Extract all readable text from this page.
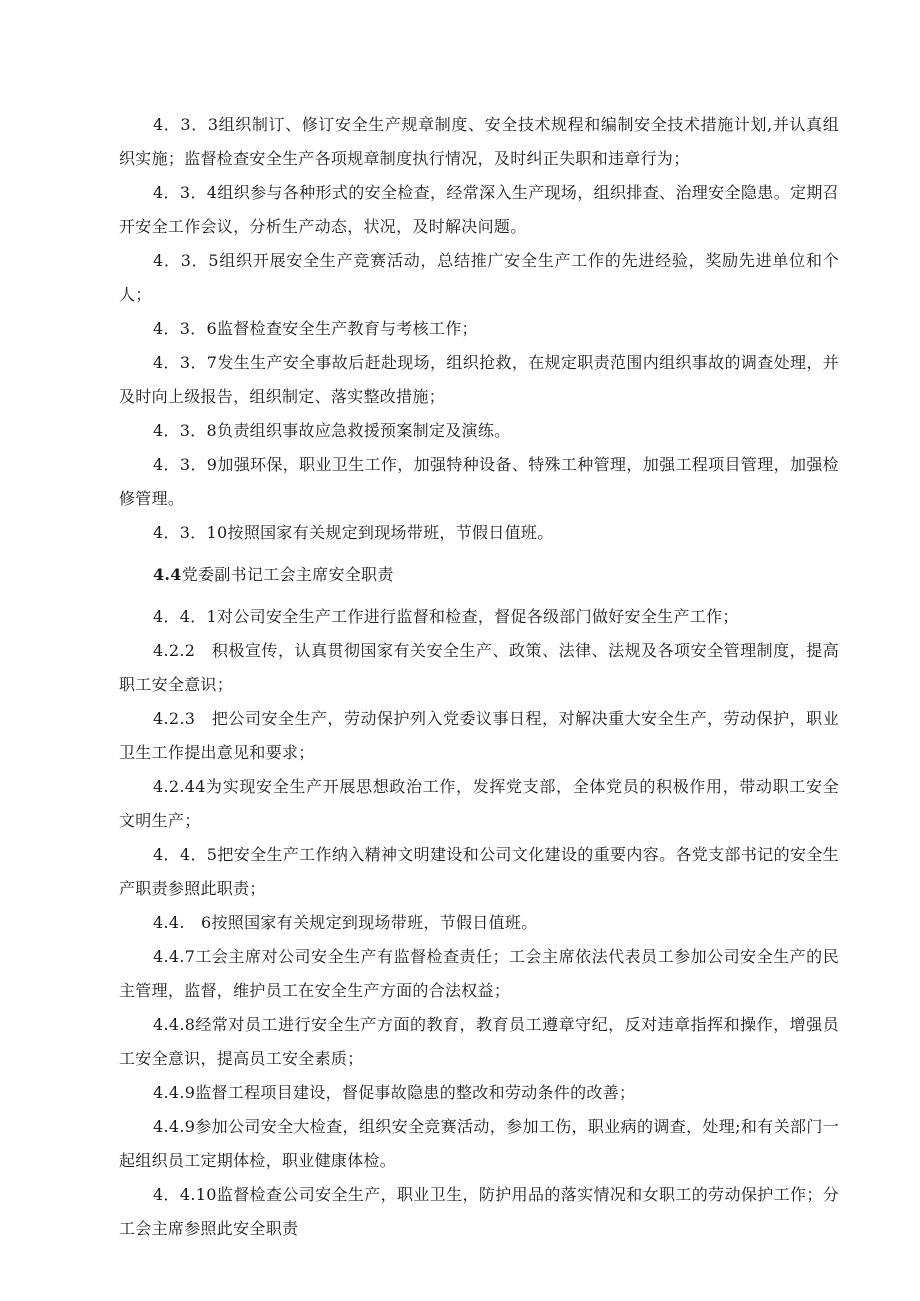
4．3．3组织制订、修订安全生产规章制度、安全技术规程和编制安全技术措施计划,并认真组织实施；监督检查安全生产各项规章制度执行情况，及时纠正失职和违章行为；

4．3．4组织参与各种形式的安全检查，经常深入生产现场，组织排查、治理安全隐患。定期召开安全工作会议，分析生产动态，状况，及时解决问题。

4．3．5组织开展安全生产竞赛活动，总结推广安全生产工作的先进经验，奖励先进单位和个人；

4．3．6监督检查安全生产教育与考核工作；

4．3．7发生生产安全事故后赶赴现场，组织抢救，在规定职责范围内组织事故的调查处理，并及时向上级报告，组织制定、落实整改措施；

4．3．8负责组织事故应急救援预案制定及演练。

4．3．9加强环保，职业卫生工作，加强特种设备、特殊工种管理，加强工程项目管理，加强检修管理。

4．3．10按照国家有关规定到现场带班，节假日值班。

4.4党委副书记工会主席安全职责

4．4．1对公司安全生产工作进行监督和检查，督促各级部门做好安全生产工作；

4.2.2　积极宣传，认真贯彻国家有关安全生产、政策、法律、法规及各项安全管理制度，提高职工安全意识；

4.2.3　把公司安全生产，劳动保护列入党委议事日程，对解决重大安全生产，劳动保护，职业卫生工作提出意见和要求；

4.2.44为实现安全生产开展思想政治工作，发挥党支部，全体党员的积极作用，带动职工安全文明生产；

4．4．5把安全生产工作纳入精神文明建设和公司文化建设的重要内容。各党支部书记的安全生产职责参照此职责；

4.4.　6按照国家有关规定到现场带班，节假日值班。

4.4.7工会主席对公司安全生产有监督检查责任；工会主席依法代表员工参加公司安全生产的民主管理，监督，维护员工在安全生产方面的合法权益；

4.4.8经常对员工进行安全生产方面的教育，教育员工遵章守纪，反对违章指挥和操作，增强员工安全意识，提高员工安全素质；

4.4.9监督工程项目建设，督促事故隐患的整改和劳动条件的改善；

4.4.9参加公司安全大检查，组织安全竞赛活动，参加工伤，职业病的调查，处理;和有关部门一起组织员工定期体检，职业健康体检。

4．4.10监督检查公司安全生产，职业卫生，防护用品的落实情况和女职工的劳动保护工作；分工会主席参照此安全职责
